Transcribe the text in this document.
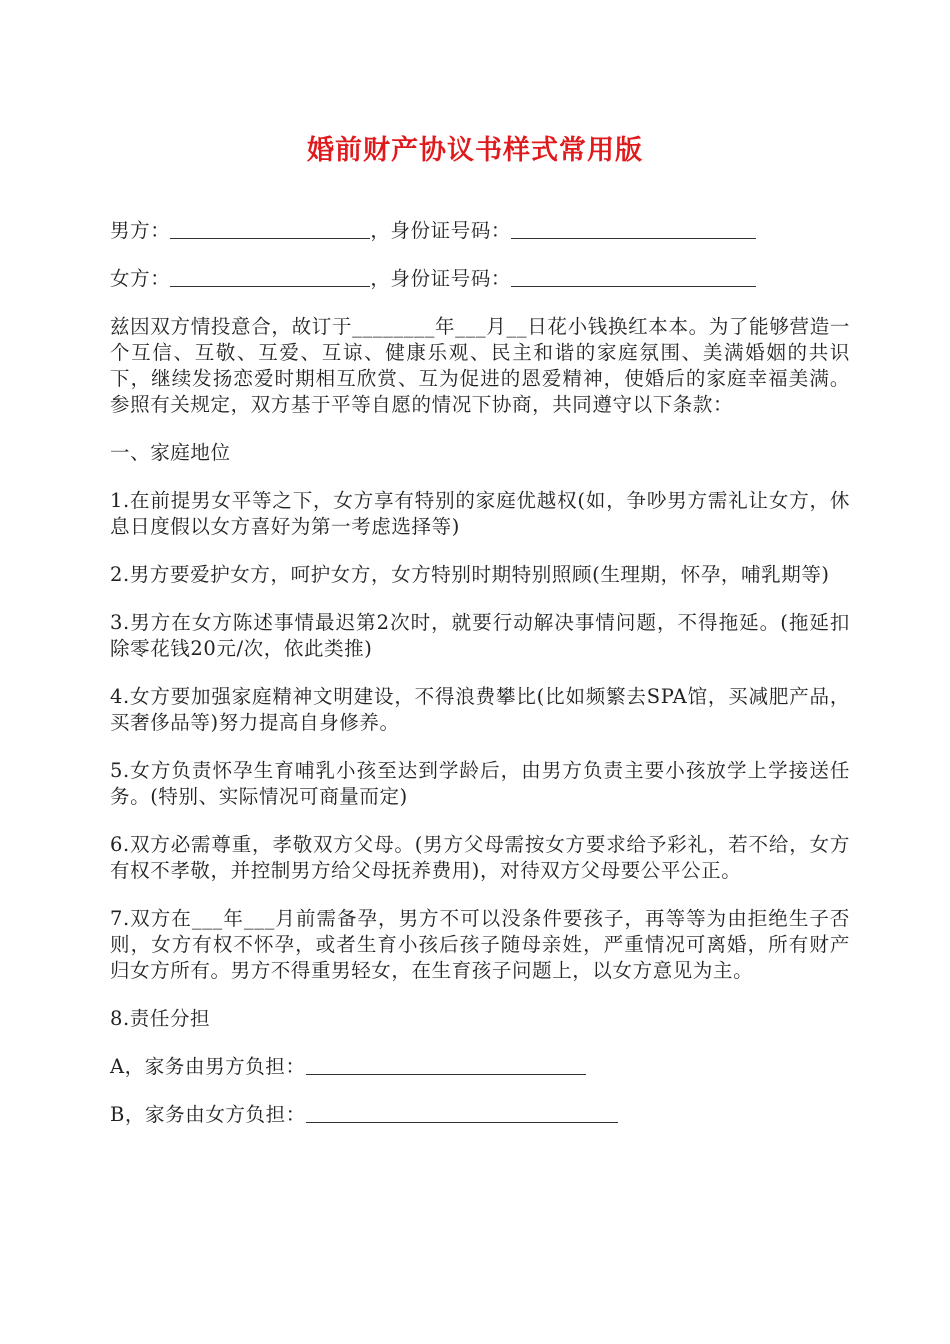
婚前财产协议书样式常用版
男方：	，身份证号码：
女方：	，身份证号码：

兹因双方情投意合，故订于________年___月__日花小钱换红本本。为了能够营造一个互信、互敬、互爱、互谅、健康乐观、民主和谐的家庭氛围、美满婚姻的共识下，继续发扬恋爱时期相互欣赏、互为促进的恩爱精神，使婚后的家庭幸福美满。参照有关规定，双方基于平等自愿的情况下协商，共同遵守以下条款：

一、家庭地位

1.在前提男女平等之下，女方享有特别的家庭优越权(如，争吵男方需礼让女方，休息日度假以女方喜好为第一考虑选择等)

2.男方要爱护女方，呵护女方，女方特别时期特别照顾(生理期，怀孕，哺乳期等)

3.男方在女方陈述事情最迟第2次时，就要行动解决事情问题，不得拖延。(拖延扣除零花钱20元/次，依此类推)

4.女方要加强家庭精神文明建设，不得浪费攀比(比如频繁去SPA馆，买减肥产品，买奢侈品等)努力提高自身修养。

5.女方负责怀孕生育哺乳小孩至达到学龄后，由男方负责主要小孩放学上学接送任务。(特别、实际情况可商量而定)

6.双方必需尊重，孝敬双方父母。(男方父母需按女方要求给予彩礼，若不给，女方有权不孝敬，并控制男方给父母抚养费用)，对待双方父母要公平公正。

7.双方在___年___月前需备孕，男方不可以没条件要孩子，再等等为由拒绝生子否则，女方有权不怀孕，或者生育小孩后孩子随母亲姓，严重情况可离婚，所有财产归女方所有。男方不得重男轻女，在生育孩子问题上，以女方意见为主。

8.责任分担

A，家务由男方负担：
B，家务由女方负担：
